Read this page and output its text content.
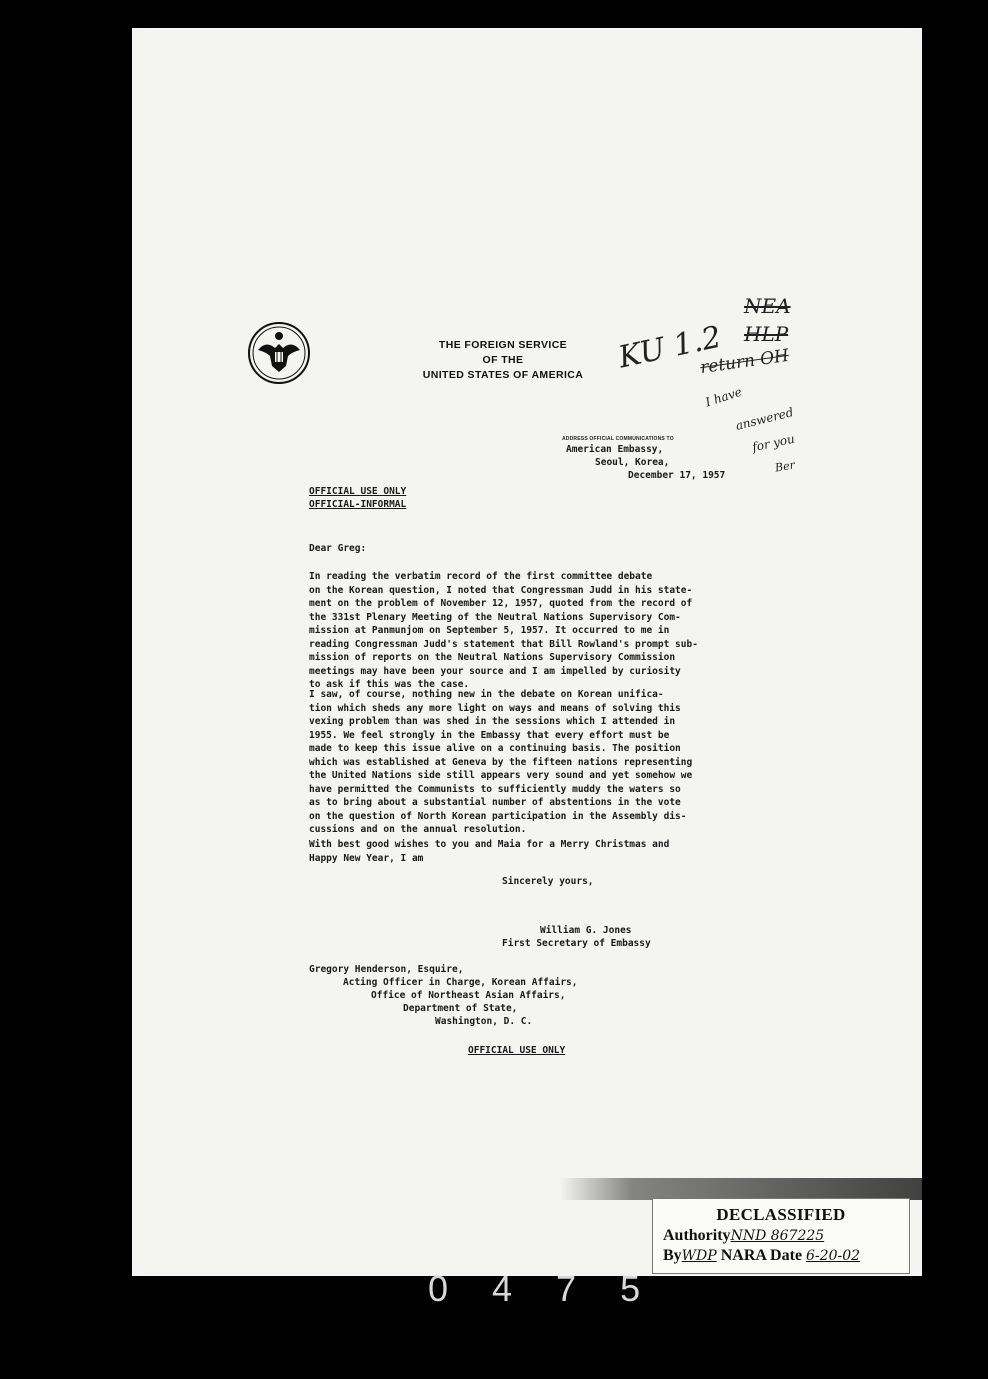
THE FOREIGN SERVICE
OF THE
UNITED STATES OF AMERICA
ADDRESS OFFICIAL COMMUNICATIONS TO
American Embassy,
Seoul, Korea,
December 17, 1957
OFFICIAL USE ONLY
OFFICIAL-INFORMAL
Dear Greg:
In reading the verbatim record of the first committee debate
on the Korean question, I noted that Congressman Judd in his state-
ment on the problem of November 12, 1957, quoted from the record of
the 331st Plenary Meeting of the Neutral Nations Supervisory Com-
mission at Panmunjom on September 5, 1957. It occurred to me in
reading Congressman Judd's statement that Bill Rowland's prompt sub-
mission of reports on the Neutral Nations Supervisory Commission
meetings may have been your source and I am impelled by curiosity
to ask if this was the case.
I saw, of course, nothing new in the debate on Korean unifica-
tion which sheds any more light on ways and means of solving this
vexing problem than was shed in the sessions which I attended in
1955. We feel strongly in the Embassy that every effort must be
made to keep this issue alive on a continuing basis. The position
which was established at Geneva by the fifteen nations representing
the United Nations side still appears very sound and yet somehow we
have permitted the Communists to sufficiently muddy the waters so
as to bring about a substantial number of abstentions in the vote
on the question of North Korean participation in the Assembly dis-
cussions and on the annual resolution.
With best good wishes to you and Maia for a Merry Christmas and
Happy New Year, I am
Sincerely yours,
William G. Jones
First Secretary of Embassy
Gregory Henderson, Esquire,
Acting Officer in Charge, Korean Affairs,
Office of Northeast Asian Affairs,
Department of State,
Washington, D. C.
OFFICIAL USE ONLY
KU 1.2
NEA
HLP
return OH
I have
answered
for you
Ber
DECLASSIFIED
AuthorityNND 867225
ByWDP NARA Date 6-20-02
0475
